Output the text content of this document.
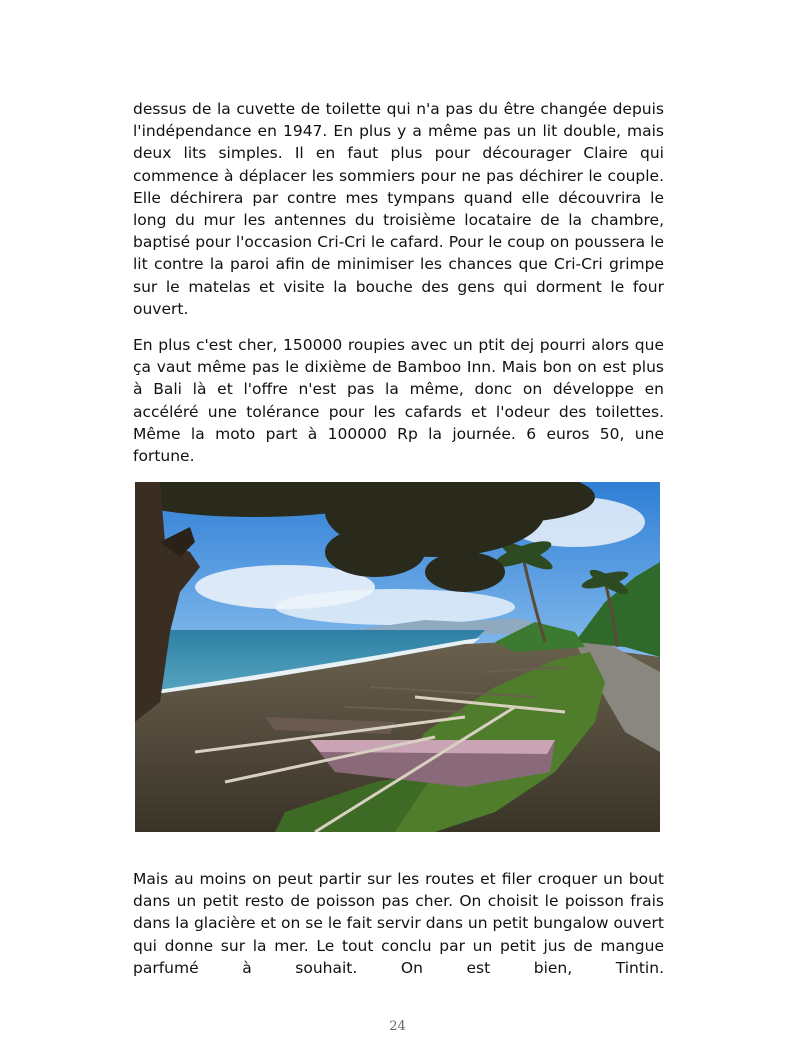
dessus de la cuvette de toilette qui n'a pas du être changée depuis l'indépendance en 1947. En plus y a même pas un lit double, mais deux lits simples. Il en faut plus pour décourager Claire qui commence à déplacer les sommiers pour ne pas déchirer le couple. Elle déchirera par contre mes tympans quand elle découvrira le long du mur les antennes du troisième locataire de la chambre, baptisé pour l'occasion Cri-Cri le cafard. Pour le coup on poussera le lit contre la paroi afin de minimiser les chances que Cri-Cri grimpe sur le matelas et visite la bouche des gens qui dorment le four ouvert.

En plus c'est cher, 150000 roupies avec un ptit dej pourri alors que ça vaut même pas le dixième de Bamboo Inn. Mais bon on est plus à Bali là et l'offre n'est pas la même, donc on développe en accéléré une tolérance pour les cafards et l'odeur des toilettes. Même la moto part à 100000 Rp la journée. 6 euros 50, une fortune.

Mais au moins on peut partir sur les routes et filer croquer un bout dans un petit resto de poisson pas cher. On choisit le poisson frais dans la glacière et on se le fait servir dans un petit bungalow ouvert qui donne sur la mer. Le tout conclu par un petit jus de mangue parfumé à souhait. On est bien, Tintin.

24
